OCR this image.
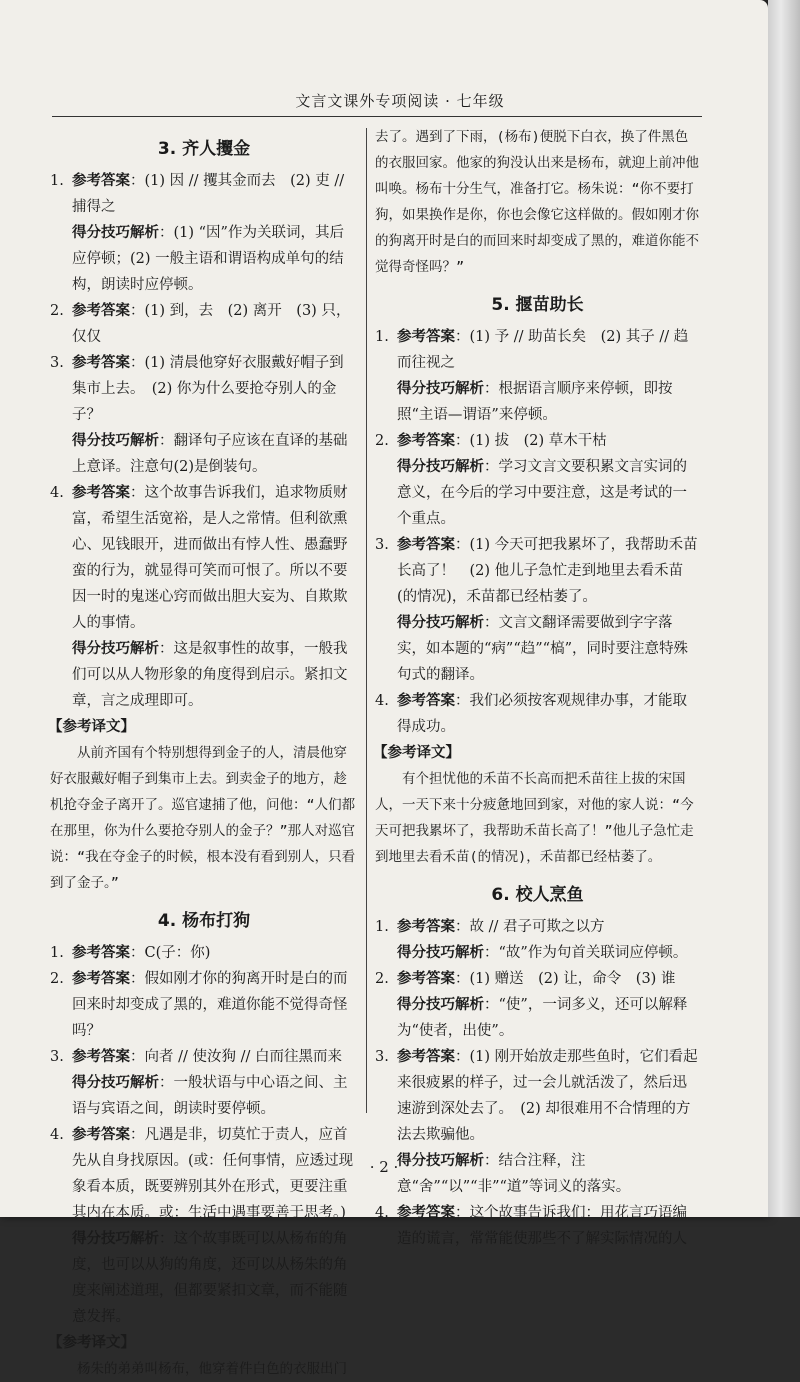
文言文课外专项阅读 · 七年级
3. 齐人攫金
1. 参考答案：(1) 因 // 攫其金而去　(2) 吏 // 捕得之
得分技巧解析：(1) “因”作为关联词，其后应停顿；(2) 一般主语和谓语构成单句的结构，朗读时应停顿。
2. 参考答案：(1) 到，去　(2) 离开　(3) 只，仅仅
3. 参考答案：(1) 清晨他穿好衣服戴好帽子到集市上去。　(2) 你为什么要抢夺别人的金子？
得分技巧解析：翻译句子应该在直译的基础上意译。注意句(2)是倒装句。
4. 参考答案：这个故事告诉我们，追求物质财富，希望生活宽裕，是人之常情。但利欲熏心、见钱眼开，进而做出有悖人性、愚蠢野蛮的行为，就显得可笑而可恨了。所以不要因一时的鬼迷心窍而做出胆大妄为、自欺欺人的事情。
得分技巧解析：这是叙事性的故事，一般我们可以从人物形象的角度得到启示。紧扣文章，言之成理即可。
【参考译文】
从前齐国有个特别想得到金子的人，清晨他穿好衣服戴好帽子到集市上去。到卖金子的地方，趁机抢夺金子离开了。巡官逮捕了他，问他：“人们都在那里，你为什么要抢夺别人的金子？”那人对巡官说：“我在夺金子的时候，根本没有看到别人，只看到了金子。”
4. 杨布打狗
1. 参考答案：C(子：你)
2. 参考答案：假如刚才你的狗离开时是白的而回来时却变成了黑的，难道你能不觉得奇怪吗？
3. 参考答案：向者 // 使汝狗 // 白而往黑而来
得分技巧解析：一般状语与中心语之间、主语与宾语之间，朗读时要停顿。
4. 参考答案：凡遇是非，切莫忙于责人，应首先从自身找原因。(或：任何事情，应透过现象看本质，既要辨别其外在形式，更要注重其内在本质。或：生活中遇事要善于思考。)
得分技巧解析：这个故事既可以从杨布的角度，也可以从狗的角度，还可以从杨朱的角度来阐述道理，但都要紧扣文章，而不能随意发挥。
【参考译文】
杨朱的弟弟叫杨布，他穿着件白色的衣服出门
去了。遇到了下雨，(杨布)便脱下白衣，换了件黑色的衣服回家。他家的狗没认出来是杨布，就迎上前冲他叫唤。杨布十分生气，准备打它。杨朱说：“你不要打狗，如果换作是你，你也会像它这样做的。假如刚才你的狗离开时是白的而回来时却变成了黑的，难道你能不觉得奇怪吗？”
5. 揠苗助长
1. 参考答案：(1) 予 // 助苗长矣　(2) 其子 // 趋而往视之
得分技巧解析：根据语言顺序来停顿，即按照“主语—谓语”来停顿。
2. 参考答案：(1) 拔　(2) 草木干枯
得分技巧解析：学习文言文要积累文言实词的意义，在今后的学习中要注意，这是考试的一个重点。
3. 参考答案：(1) 今天可把我累坏了，我帮助禾苗长高了！　(2) 他儿子急忙走到地里去看禾苗(的情况)，禾苗都已经枯萎了。
得分技巧解析：文言文翻译需要做到字字落实，如本题的“病”“趋”“槁”，同时要注意特殊句式的翻译。
4. 参考答案：我们必须按客观规律办事，才能取得成功。
【参考译文】
有个担忧他的禾苗不长高而把禾苗往上拔的宋国人，一天下来十分疲惫地回到家，对他的家人说：“今天可把我累坏了，我帮助禾苗长高了！”他儿子急忙走到地里去看禾苗(的情况)，禾苗都已经枯萎了。
6. 校人烹鱼
1. 参考答案：故 // 君子可欺之以方
得分技巧解析：“故”作为句首关联词应停顿。
2. 参考答案：(1) 赠送　(2) 让，命令　(3) 谁
得分技巧解析：“使”，一词多义，还可以解释为“使者，出使”。
3. 参考答案：(1) 刚开始放走那些鱼时，它们看起来很疲累的样子，过一会儿就活泼了，然后迅速游到深处去了。　(2) 却很难用不合情理的方法去欺骗他。
得分技巧解析：结合注释，注意“舍”“以”“非”“道”等词义的落实。
4. 参考答案：这个故事告诉我们：用花言巧语编造的谎言，常常能使那些不了解实际情况的人
· 2 ·
